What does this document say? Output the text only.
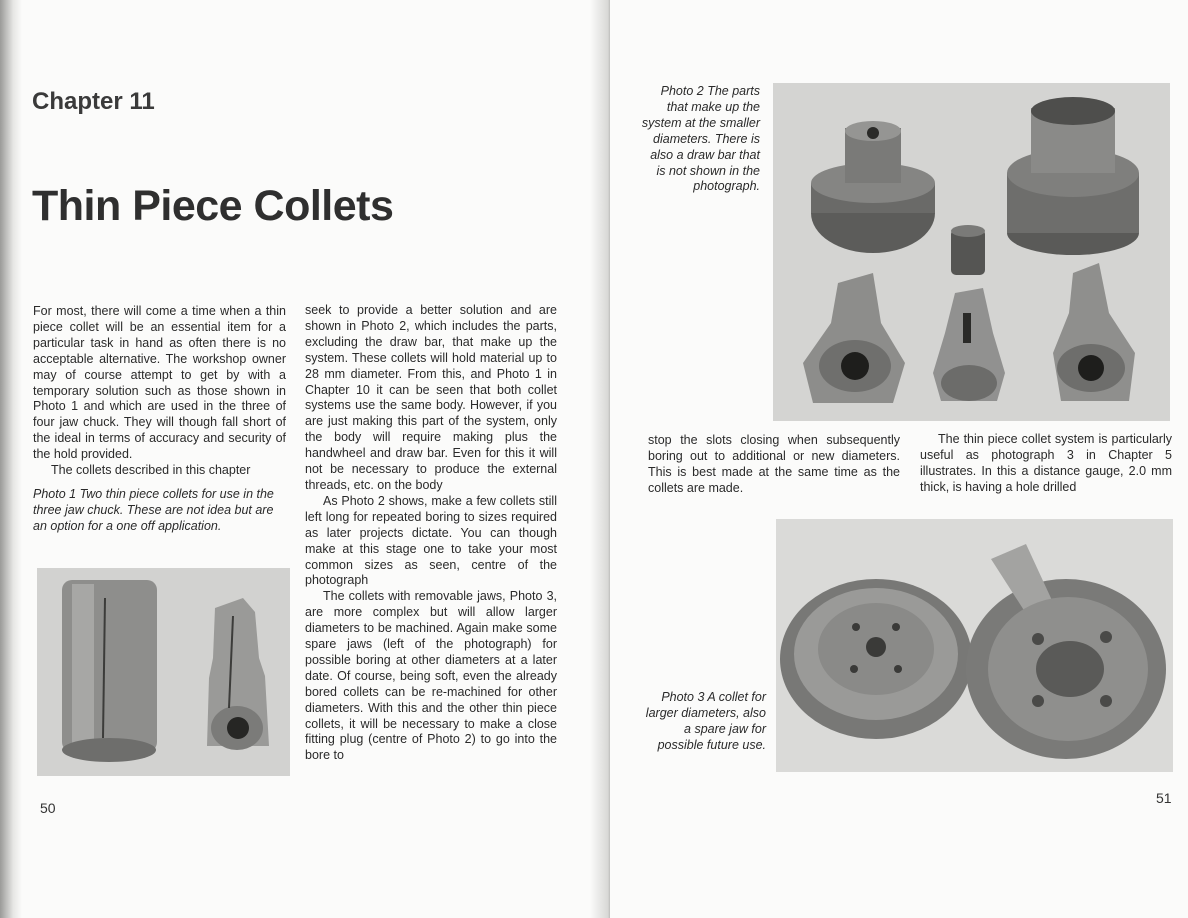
Chapter 11
Thin Piece Collets

For most, there will come a time when a thin piece collet will be an essential item for a particular task in hand as often there is no acceptable alternative. The workshop owner may of course attempt to get by with a temporary solution such as those shown in Photo 1 and which are used in the three of four jaw chuck. They will though fall short of the ideal in terms of accuracy and security of the hold provided.

The collets described in this chapter

Photo 1 Two thin piece collets for use in the three jaw chuck. These are not idea but are an option for a one off application.

seek to provide a better solution and are shown in Photo 2, which includes the parts, excluding the draw bar, that make up the system. These collets will hold material up to 28 mm diameter. From this, and Photo 1 in Chapter 10 it can be seen that both collet systems use the same body. However, if you are just making this part of the system, only the body will require making plus the handwheel and draw bar. Even for this it will not be necessary to produce the external threads, etc. on the body

As Photo 2 shows, make a few collets still left long for repeated boring to sizes required as later projects dictate. You can though make at this stage one to take your most common sizes as seen, centre of the photograph

The collets with removable jaws, Photo 3, are more complex but will allow larger diameters to be machined. Again make some spare jaws (left of the photograph) for possible boring at other diameters at a later date. Of course, being soft, even the already bored collets can be re-machined for other diameters. With this and the other thin piece collets, it will be necessary to make a close fitting plug (centre of Photo 2) to go into the bore to

50

Photo 2 The parts that make up the system at the smaller diameters. There is also a draw bar that is not shown in the photograph.

stop the slots closing when subsequently boring out to additional or new diameters. This is best made at the same time as the collets are made.

The thin piece collet system is particularly useful as photograph 3 in Chapter 5 illustrates. In this a distance gauge, 2.0 mm thick, is having a hole drilled

Photo 3 A collet for larger diameters, also a spare jaw for possible future use.

51
